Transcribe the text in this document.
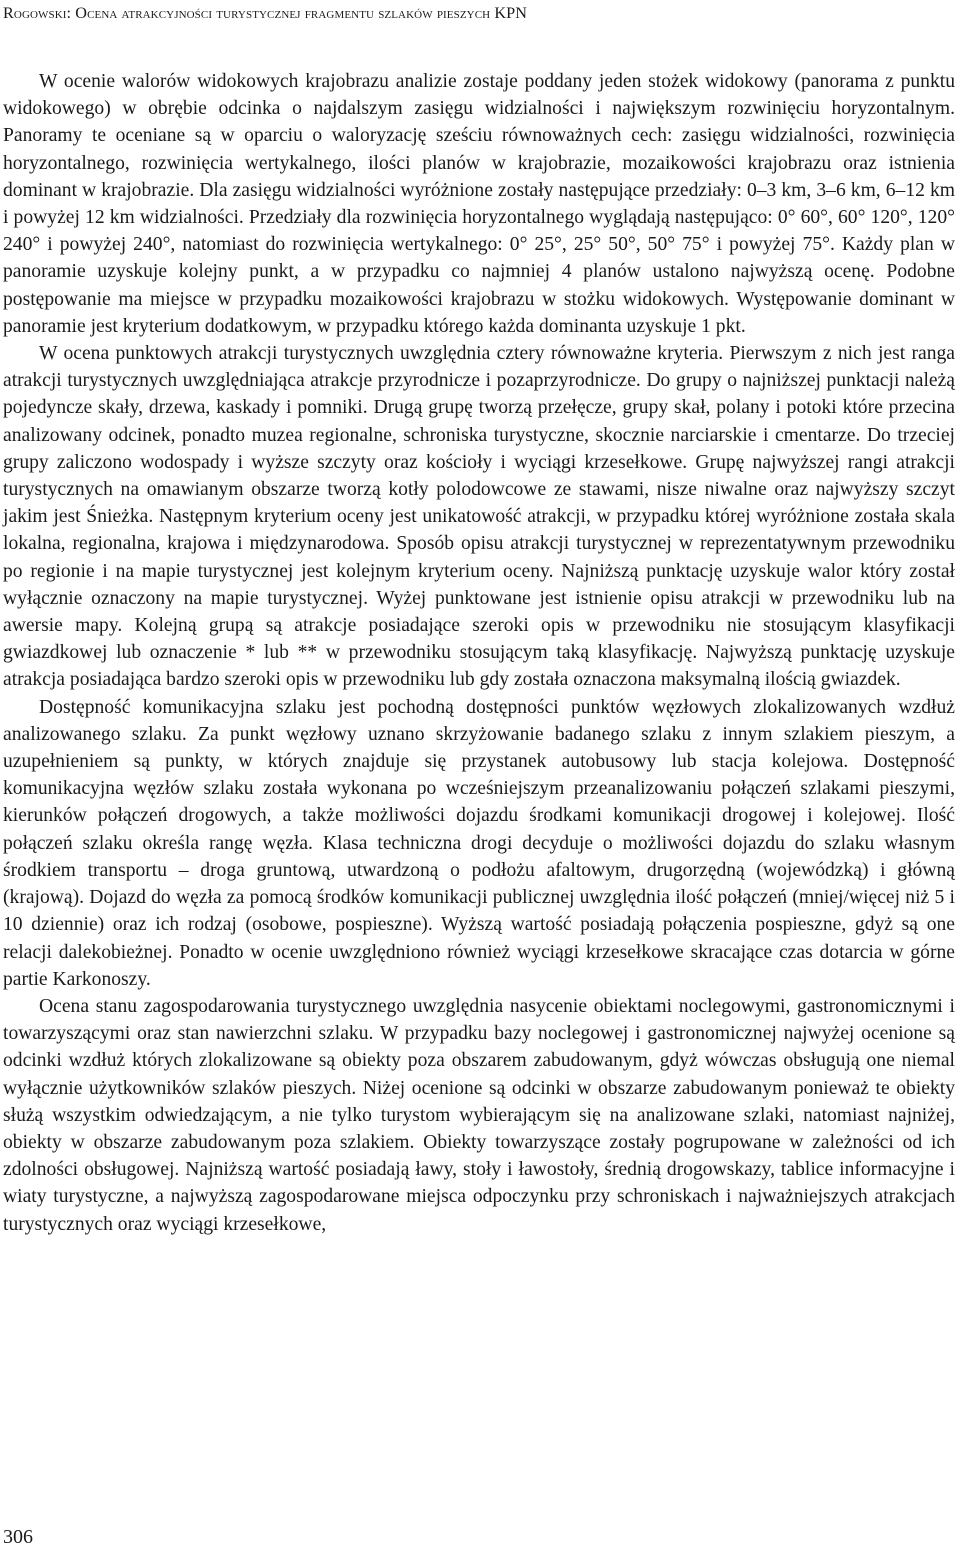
Rogowski: Ocena atrakcyjności turystycznej fragmentu szlaków pieszych KPN

W ocenie walorów widokowych krajobrazu analizie zostaje poddany jeden stożek widokowy (panorama z punktu widokowego) w obrębie odcinka o najdalszym zasięgu widzialności i największym rozwinięciu horyzontalnym. Panoramy te oceniane są w oparciu o waloryzację sześciu równoważnych cech: zasięgu widzialności, rozwinięcia horyzontalnego, rozwinięcia wertykalnego, ilości planów w krajobrazie, mozaikowości krajobrazu oraz istnienia dominant w krajobrazie. Dla zasięgu widzialności wyróżnione zostały następujące przedziały: 0–3 km, 3–6 km, 6–12 km i powyżej 12 km widzialności. Przedziały dla rozwinięcia horyzontalnego wyglądają następująco: 0° 60°, 60° 120°, 120° 240° i powyżej 240°, natomiast do rozwinięcia wertykalnego: 0° 25°, 25° 50°, 50° 75° i powyżej 75°. Każdy plan w panoramie uzyskuje kolejny punkt, a w przypadku co najmniej 4 planów ustalono najwyższą ocenę. Podobne postępowanie ma miejsce w przypadku mozaikowości krajobrazu w stożku widokowych. Występowanie dominant w panoramie jest kryterium dodatkowym, w przypadku którego każda dominanta uzyskuje 1 pkt.

W ocena punktowych atrakcji turystycznych uwzględnia cztery równoważne kryteria. Pierwszym z nich jest ranga atrakcji turystycznych uwzględniająca atrakcje przyrodnicze i pozaprzyrodnicze. Do grupy o najniższej punktacji należą pojedyncze skały, drzewa, kaskady i pomniki. Drugą grupę tworzą przełęcze, grupy skał, polany i potoki które przecina analizowany odcinek, ponadto muzea regionalne, schroniska turystyczne, skocznie narciarskie i cmentarze. Do trzeciej grupy zaliczono wodospady i wyższe szczyty oraz kościoły i wyciągi krzesełkowe. Grupę najwyższej rangi atrakcji turystycznych na omawianym obszarze tworzą kotły polodowcowe ze stawami, nisze niwalne oraz najwyższy szczyt jakim jest Śnieżka. Następnym kryterium oceny jest unikatowość atrakcji, w przypadku której wyróżnione została skala lokalna, regionalna, krajowa i międzynarodowa. Sposób opisu atrakcji turystycznej w reprezentatywnym przewodniku po regionie i na mapie turystycznej jest kolejnym kryterium oceny. Najniższą punktację uzyskuje walor który został wyłącznie oznaczony na mapie turystycznej. Wyżej punktowane jest istnienie opisu atrakcji w przewodniku lub na awersie mapy. Kolejną grupą są atrakcje posiadające szeroki opis w przewodniku nie stosującym klasyfikacji gwiazdkowej lub oznaczenie * lub ** w przewodniku stosującym taką klasyfikację. Najwyższą punktację uzyskuje atrakcja posiadająca bardzo szeroki opis w przewodniku lub gdy została oznaczona maksymalną ilością gwiazdek.

Dostępność komunikacyjna szlaku jest pochodną dostępności punktów węzłowych zlokalizowanych wzdłuż analizowanego szlaku. Za punkt węzłowy uznano skrzyżowanie badanego szlaku z innym szlakiem pieszym, a uzupełnieniem są punkty, w których znajduje się przystanek autobusowy lub stacja kolejowa. Dostępność komunikacyjna węzłów szlaku została wykonana po wcześniejszym przeanalizowaniu połączeń szlakami pieszymi, kierunków połączeń drogowych, a także możliwości dojazdu środkami komunikacji drogowej i kolejowej. Ilość połączeń szlaku określa rangę węzła. Klasa techniczna drogi decyduje o możliwości dojazdu do szlaku własnym środkiem transportu – droga gruntową, utwardzoną o podłożu afaltowym, drugorzędną (wojewódzką) i główną (krajową). Dojazd do węzła za pomocą środków komunikacji publicznej uwzględnia ilość połączeń (mniej/więcej niż 5 i 10 dziennie) oraz ich rodzaj (osobowe, pospieszne). Wyższą wartość posiadają połączenia pospieszne, gdyż są one relacji dalekobieżnej. Ponadto w ocenie uwzględniono również wyciągi krzesełkowe skracające czas dotarcia w górne partie Karkonoszy.

Ocena stanu zagospodarowania turystycznego uwzględnia nasycenie obiektami noclegowymi, gastronomicznymi i towarzyszącymi oraz stan nawierzchni szlaku. W przypadku bazy noclegowej i gastronomicznej najwyżej ocenione są odcinki wzdłuż których zlokalizowane są obiekty poza obszarem zabudowanym, gdyż wówczas obsługują one niemal wyłącznie użytkowników szlaków pieszych. Niżej ocenione są odcinki w obszarze zabudowanym ponieważ te obiekty służą wszystkim odwiedzającym, a nie tylko turystom wybierającym się na analizowane szlaki, natomiast najniżej, obiekty w obszarze zabudowanym poza szlakiem. Obiekty towarzyszące zostały pogrupowane w zależności od ich zdolności obsługowej. Najniższą wartość posiadają ławy, stoły i ławostoły, średnią drogowskazy, tablice informacyjne i wiaty turystyczne, a najwyższą zagospodarowane miejsca odpoczynku przy schroniskach i najważniejszych atrakcjach turystycznych oraz wyciągi krzesełkowe,

306
